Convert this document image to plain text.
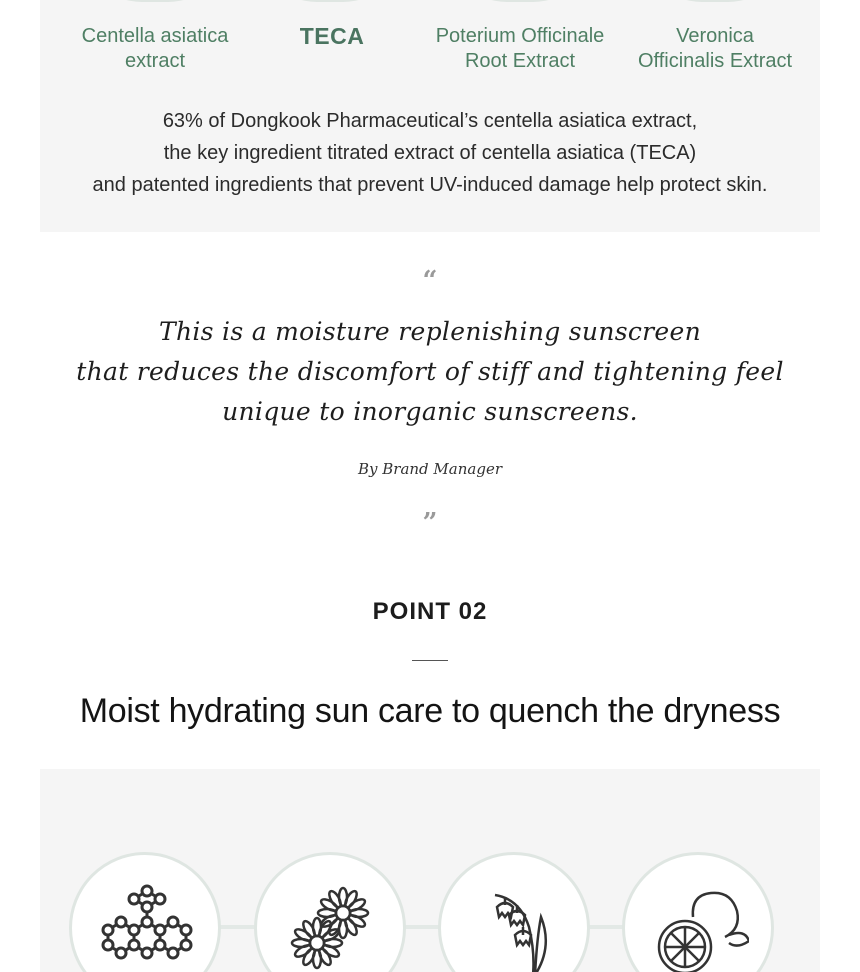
Centella asiatica
extract
TECA	Poterium Officinale
Root Extract
Veronica
Officinalis Extract
63% of Dongkook Pharmaceutical’s centella asiatica extract,
the key ingredient titrated extract of centella asiatica (TECA)
and patented ingredients that prevent UV-induced damage help protect skin.
“
This is a moisture replenishing sunscreen
that reduces the discomfort of stiff and tightening feel
unique to inorganic sunscreens.
By Brand Manager
”
POINT 02
Moist hydrating sun care to quench the dryness
